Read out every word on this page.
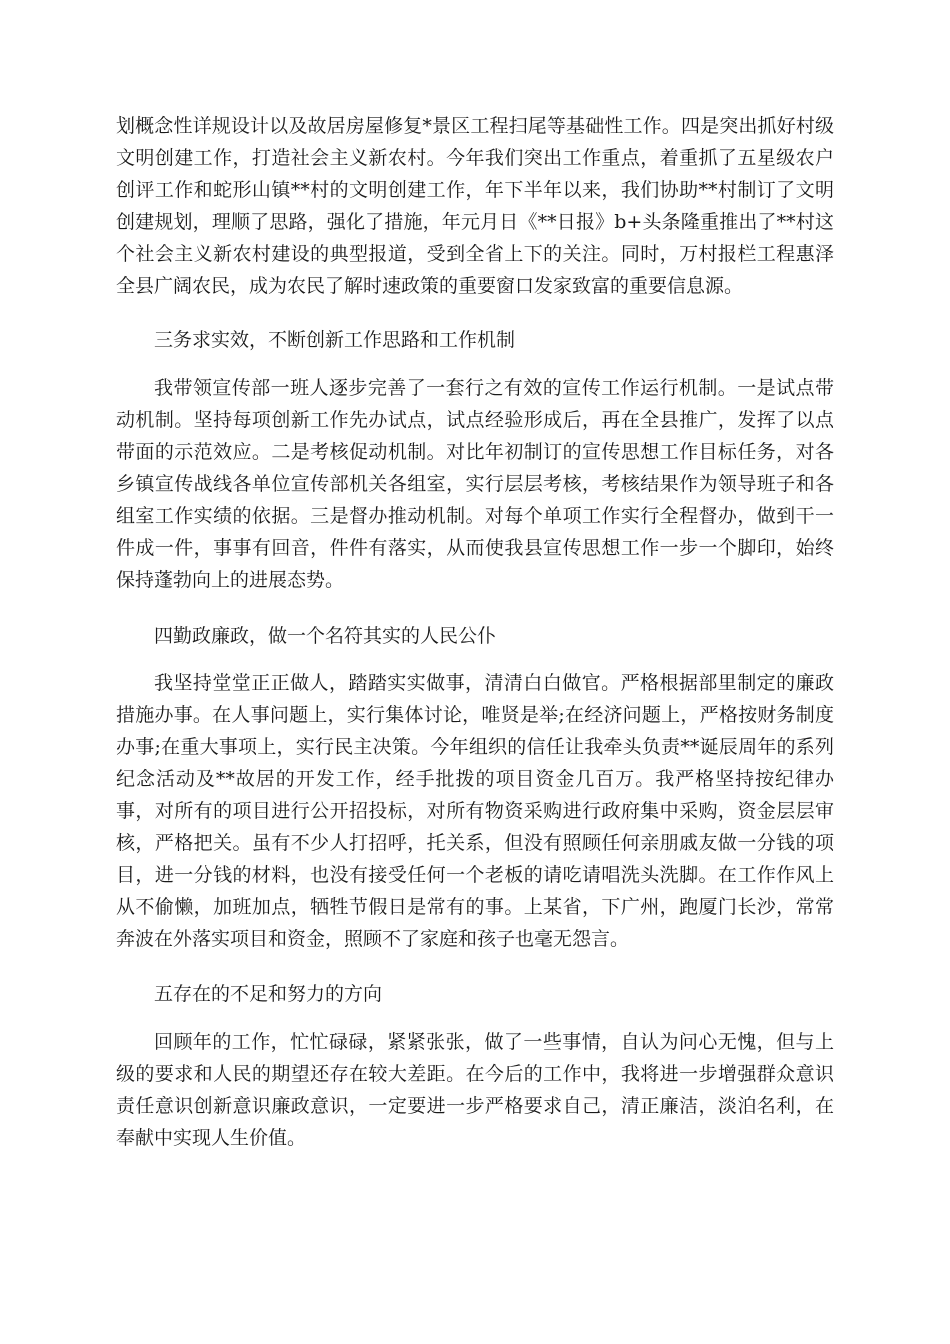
划概念性详规设计以及故居房屋修复*景区工程扫尾等基础性工作。四是突出抓好村级
文明创建工作，打造社会主义新农村。今年我们突出工作重点，着重抓了五星级农户
创评工作和蛇形山镇**村的文明创建工作，年下半年以来，我们协助**村制订了文明
创建规划，理顺了思路，强化了措施，年元月日《**日报》b+头条隆重推出了**村这
个社会主义新农村建设的典型报道，受到全省上下的关注。同时，万村报栏工程惠泽
全县广阔农民，成为农民了解时速政策的重要窗口发家致富的重要信息源。
三务求实效，不断创新工作思路和工作机制
我带领宣传部一班人逐步完善了一套行之有效的宣传工作运行机制。一是试点带
动机制。坚持每项创新工作先办试点，试点经验形成后，再在全县推广，发挥了以点
带面的示范效应。二是考核促动机制。对比年初制订的宣传思想工作目标任务，对各
乡镇宣传战线各单位宣传部机关各组室，实行层层考核，考核结果作为领导班子和各
组室工作实绩的依据。三是督办推动机制。对每个单项工作实行全程督办，做到干一
件成一件，事事有回音，件件有落实，从而使我县宣传思想工作一步一个脚印，始终
保持蓬勃向上的进展态势。
四勤政廉政，做一个名符其实的人民公仆
我坚持堂堂正正做人，踏踏实实做事，清清白白做官。严格根据部里制定的廉政
措施办事。在人事问题上，实行集体讨论，唯贤是举;在经济问题上，严格按财务制度
办事;在重大事项上，实行民主决策。今年组织的信任让我牵头负责**诞辰周年的系列
纪念活动及**故居的开发工作，经手批拨的项目资金几百万。我严格坚持按纪律办
事，对所有的项目进行公开招投标，对所有物资采购进行政府集中采购，资金层层审
核，严格把关。虽有不少人打招呼，托关系，但没有照顾任何亲朋戚友做一分钱的项
目，进一分钱的材料，也没有接受任何一个老板的请吃请唱洗头洗脚。在工作作风上
从不偷懒，加班加点，牺牲节假日是常有的事。上某省，下广州，跑厦门长沙，常常
奔波在外落实项目和资金，照顾不了家庭和孩子也毫无怨言。
五存在的不足和努力的方向
回顾年的工作，忙忙碌碌，紧紧张张，做了一些事情，自认为问心无愧，但与上
级的要求和人民的期望还存在较大差距。在今后的工作中，我将进一步增强群众意识
责任意识创新意识廉政意识，一定要进一步严格要求自己，清正廉洁，淡泊名利，在
奉献中实现人生价值。
